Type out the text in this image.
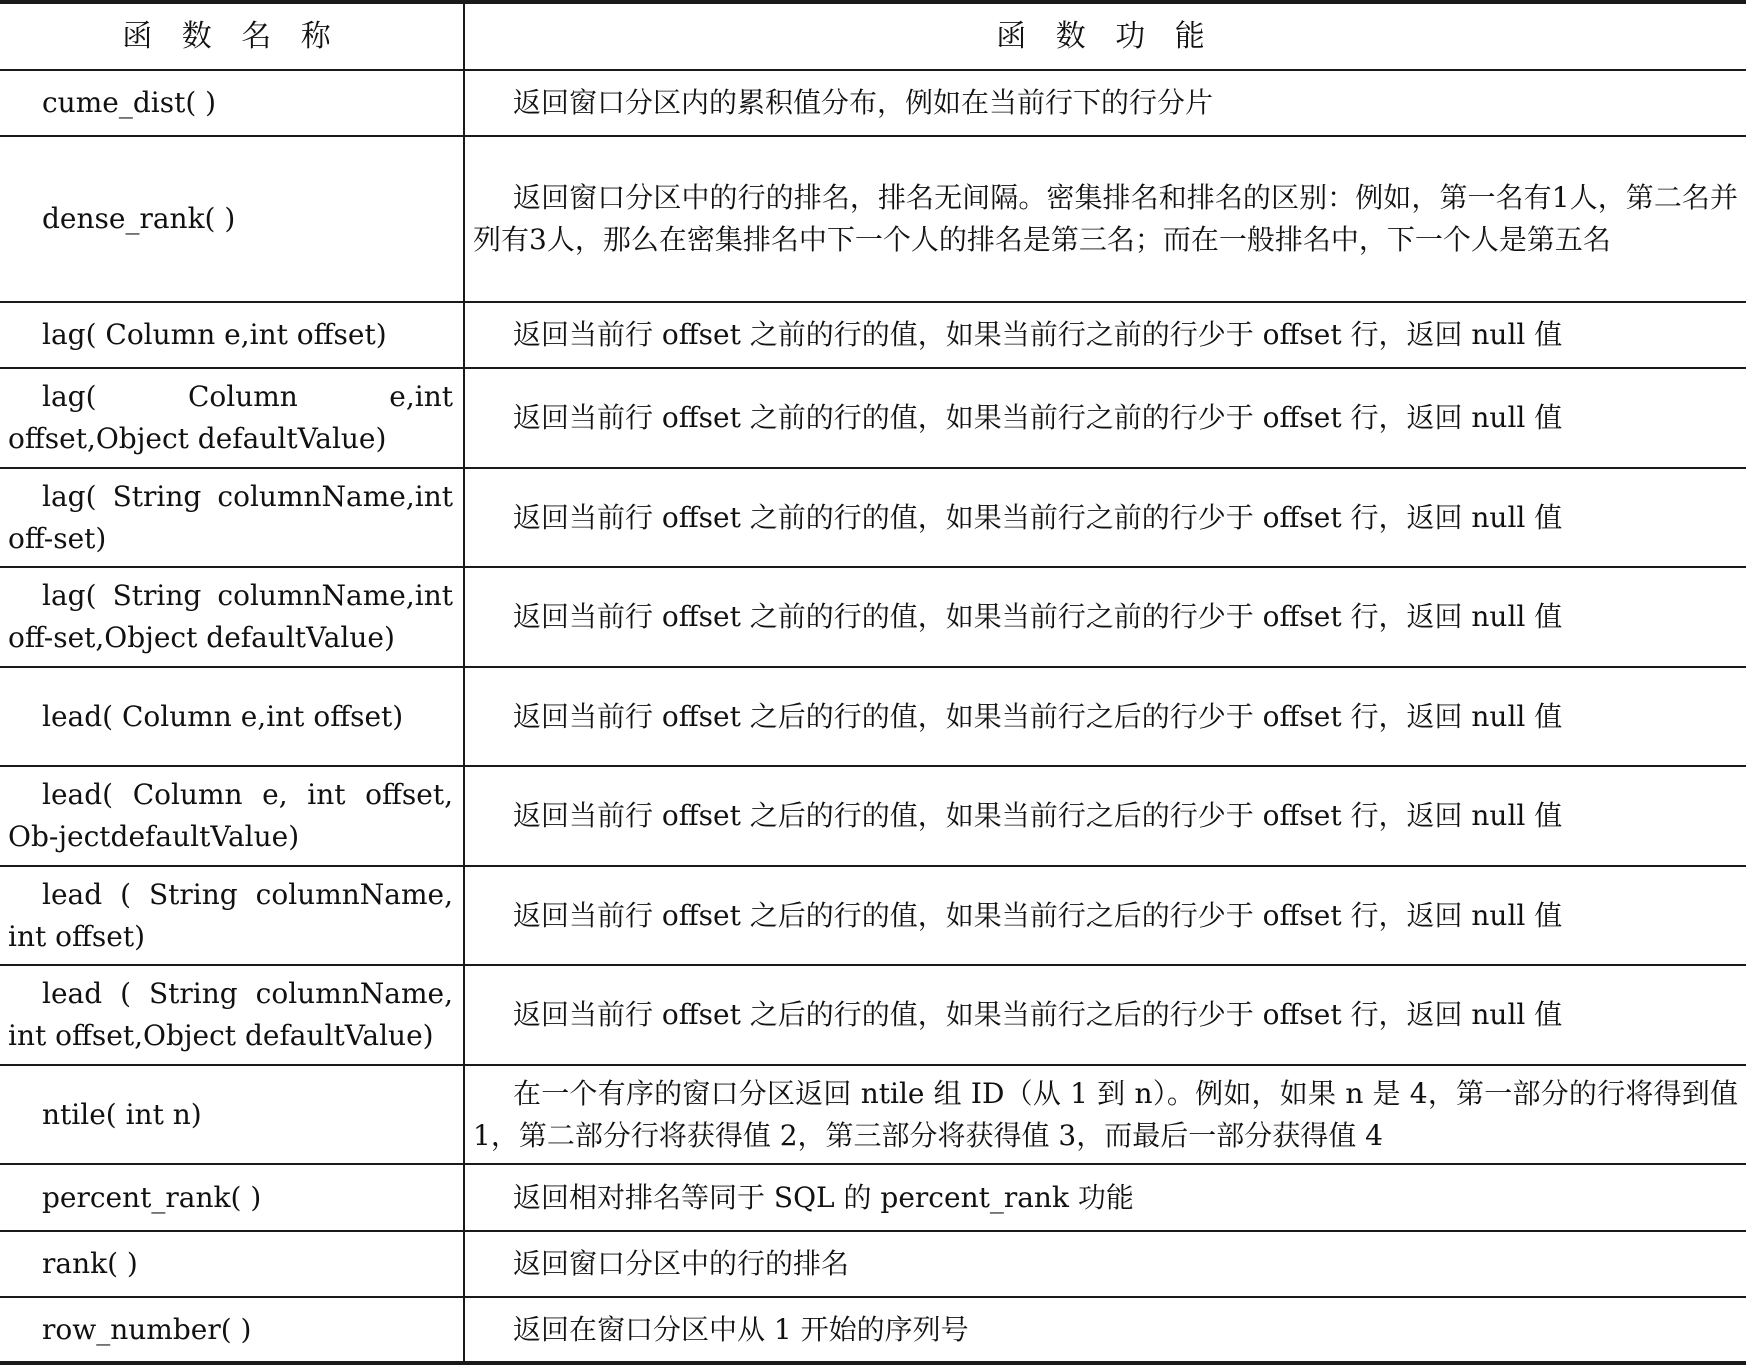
函 数 名 称	函 数 功 能
cume_dist( )	返回窗口分区内的累积值分布，例如在当前行下的行分片
dense_rank( )	返回窗口分区中的行的排名，排名无间隔。密集排名和排名的区别：例如，第一名有1人，第二名并列有3人，那么在密集排名中下一个人的排名是第三名；而在一般排名中，下一个人是第五名
lag( Column e,int offset)	返回当前行 offset 之前的行的值，如果当前行之前的行少于 offset 行，返回 null 值
lag( Column e,int offset,Object defaultValue)	返回当前行 offset 之前的行的值，如果当前行之前的行少于 offset 行，返回 null 值
lag( String columnName,int off-set)	返回当前行 offset 之前的行的值，如果当前行之前的行少于 offset 行，返回 null 值
lag( String columnName,int off-set,Object defaultValue)	返回当前行 offset 之前的行的值，如果当前行之前的行少于 offset 行，返回 null 值
lead( Column e,int offset)	返回当前行 offset 之后的行的值，如果当前行之后的行少于 offset 行，返回 null 值
lead( Column e, int offset, Ob-jectdefaultValue)	返回当前行 offset 之后的行的值，如果当前行之后的行少于 offset 行，返回 null 值
lead ( String columnName, int offset)	返回当前行 offset 之后的行的值，如果当前行之后的行少于 offset 行，返回 null 值
lead ( String columnName, int offset,Object defaultValue)	返回当前行 offset 之后的行的值，如果当前行之后的行少于 offset 行，返回 null 值
ntile( int n)	在一个有序的窗口分区返回 ntile 组 ID（从 1 到 n）。例如，如果 n 是 4，第一部分的行将得到值 1，第二部分行将获得值 2，第三部分将获得值 3，而最后一部分获得值 4
percent_rank( )	返回相对排名等同于 SQL 的 percent_rank 功能
rank( )	返回窗口分区中的行的排名
row_number( )	返回在窗口分区中从 1 开始的序列号
